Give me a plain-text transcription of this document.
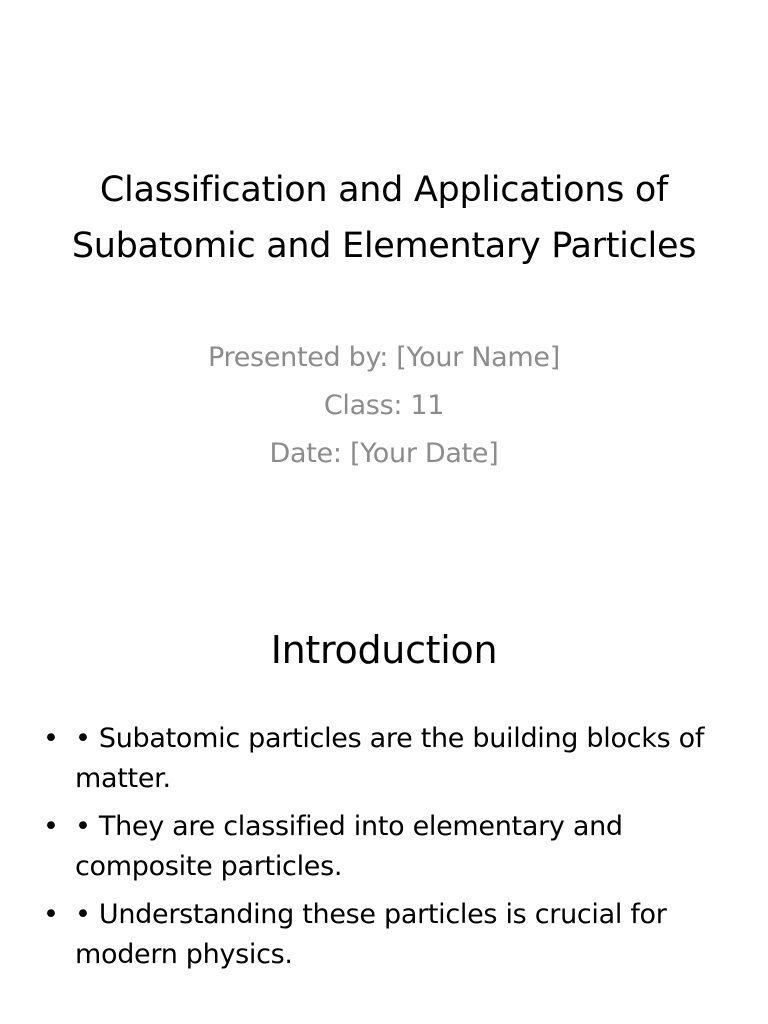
Classification and Applications of Subatomic and Elementary Particles
Presented by: [Your Name]
Class: 11
Date: [Your Date]
Introduction
• • Subatomic particles are the building blocks of matter.
• • They are classified into elementary and composite particles.
• • Understanding these particles is crucial for modern physics.
